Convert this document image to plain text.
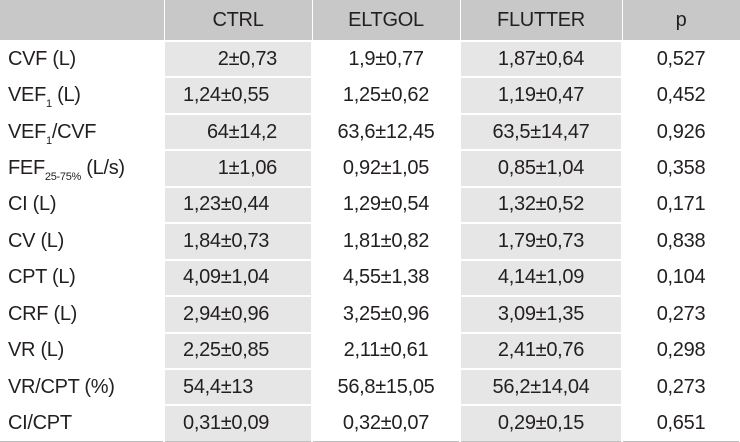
	CTRL	ELTGOL	FLUTTER	p
CVF (L)	2±0,73	1,9±0,77	1,87±0,64	0,527
$VEF_1$ (L)	1,24±0,55	1,25±0,62	1,19±0,47	0,452
$VEF_1$/CVF	64±14,2	63,6±12,45	63,5±14,47	0,926
$FEF_{25-75\%}$ (L/s)	1±1,06	0,92±1,05	0,85±1,04	0,358
CI (L)	1,23±0,44	1,29±0,54	1,32±0,52	0,171
CV (L)	1,84±0,73	1,81±0,82	1,79±0,73	0,838
CPT (L)	4,09±1,04	4,55±1,38	4,14±1,09	0,104
CRF (L)	2,94±0,96	3,25±0,96	3,09±1,35	0,273
VR (L)	2,25±0,85	2,11±0,61	2,41±0,76	0,298
VR/CPT (%)	54,4±13	56,8±15,05	56,2±14,04	0,273
CI/CPT	0,31±0,09	0,32±0,07	0,29±0,15	0,651
